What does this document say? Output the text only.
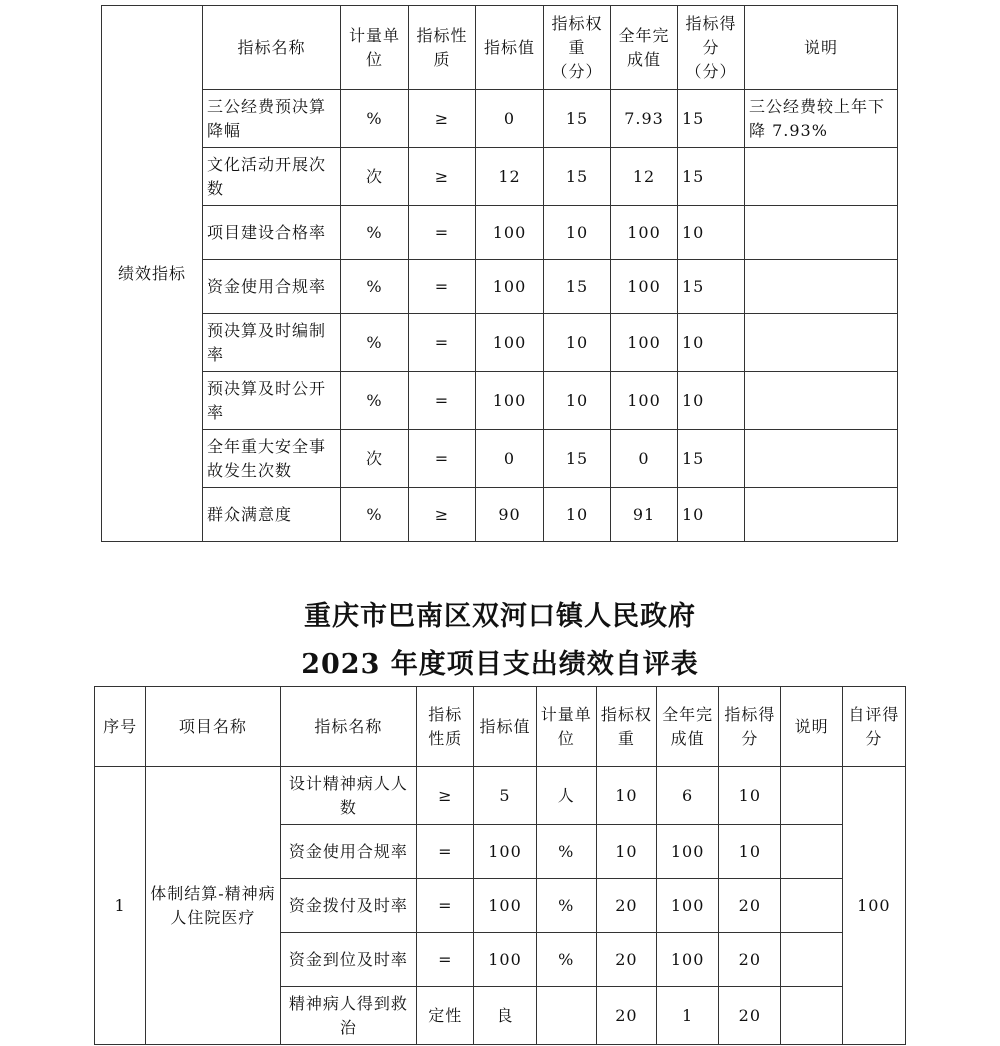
绩效指标	指标名称	计量单位	指标性质	指标值	指标权重（分）	全年完成值	指标得分（分）	说明
	三公经费预决算降幅	%	≥	0	15	7.93	15	三公经费较上年下降 7.93%
	文化活动开展次数	次	≥	12	15	12	15	
	项目建设合格率	%	=	100	10	100	10	
	资金使用合规率	%	=	100	15	100	15	
	预决算及时编制率	%	=	100	10	100	10	
	预决算及时公开率	%	=	100	10	100	10	
	全年重大安全事故发生次数	次	=	0	15	0	15	
	群众满意度	%	≥	90	10	91	10	
重庆市巴南区双河口镇人民政府
2023 年度项目支出绩效自评表
序号	项目名称	指标名称	指标性质	指标值	计量单位	指标权重	全年完成值	指标得分	说明	自评得分
1	体制结算-精神病人住院医疗	设计精神病人人数	≥	5	人	10	6	10		100
		资金使用合规率	=	100	%	10	100	10		
		资金拨付及时率	=	100	%	20	100	20		
		资金到位及时率	=	100	%	20	100	20		
		精神病人得到救治	定性	良		20	1	20		
